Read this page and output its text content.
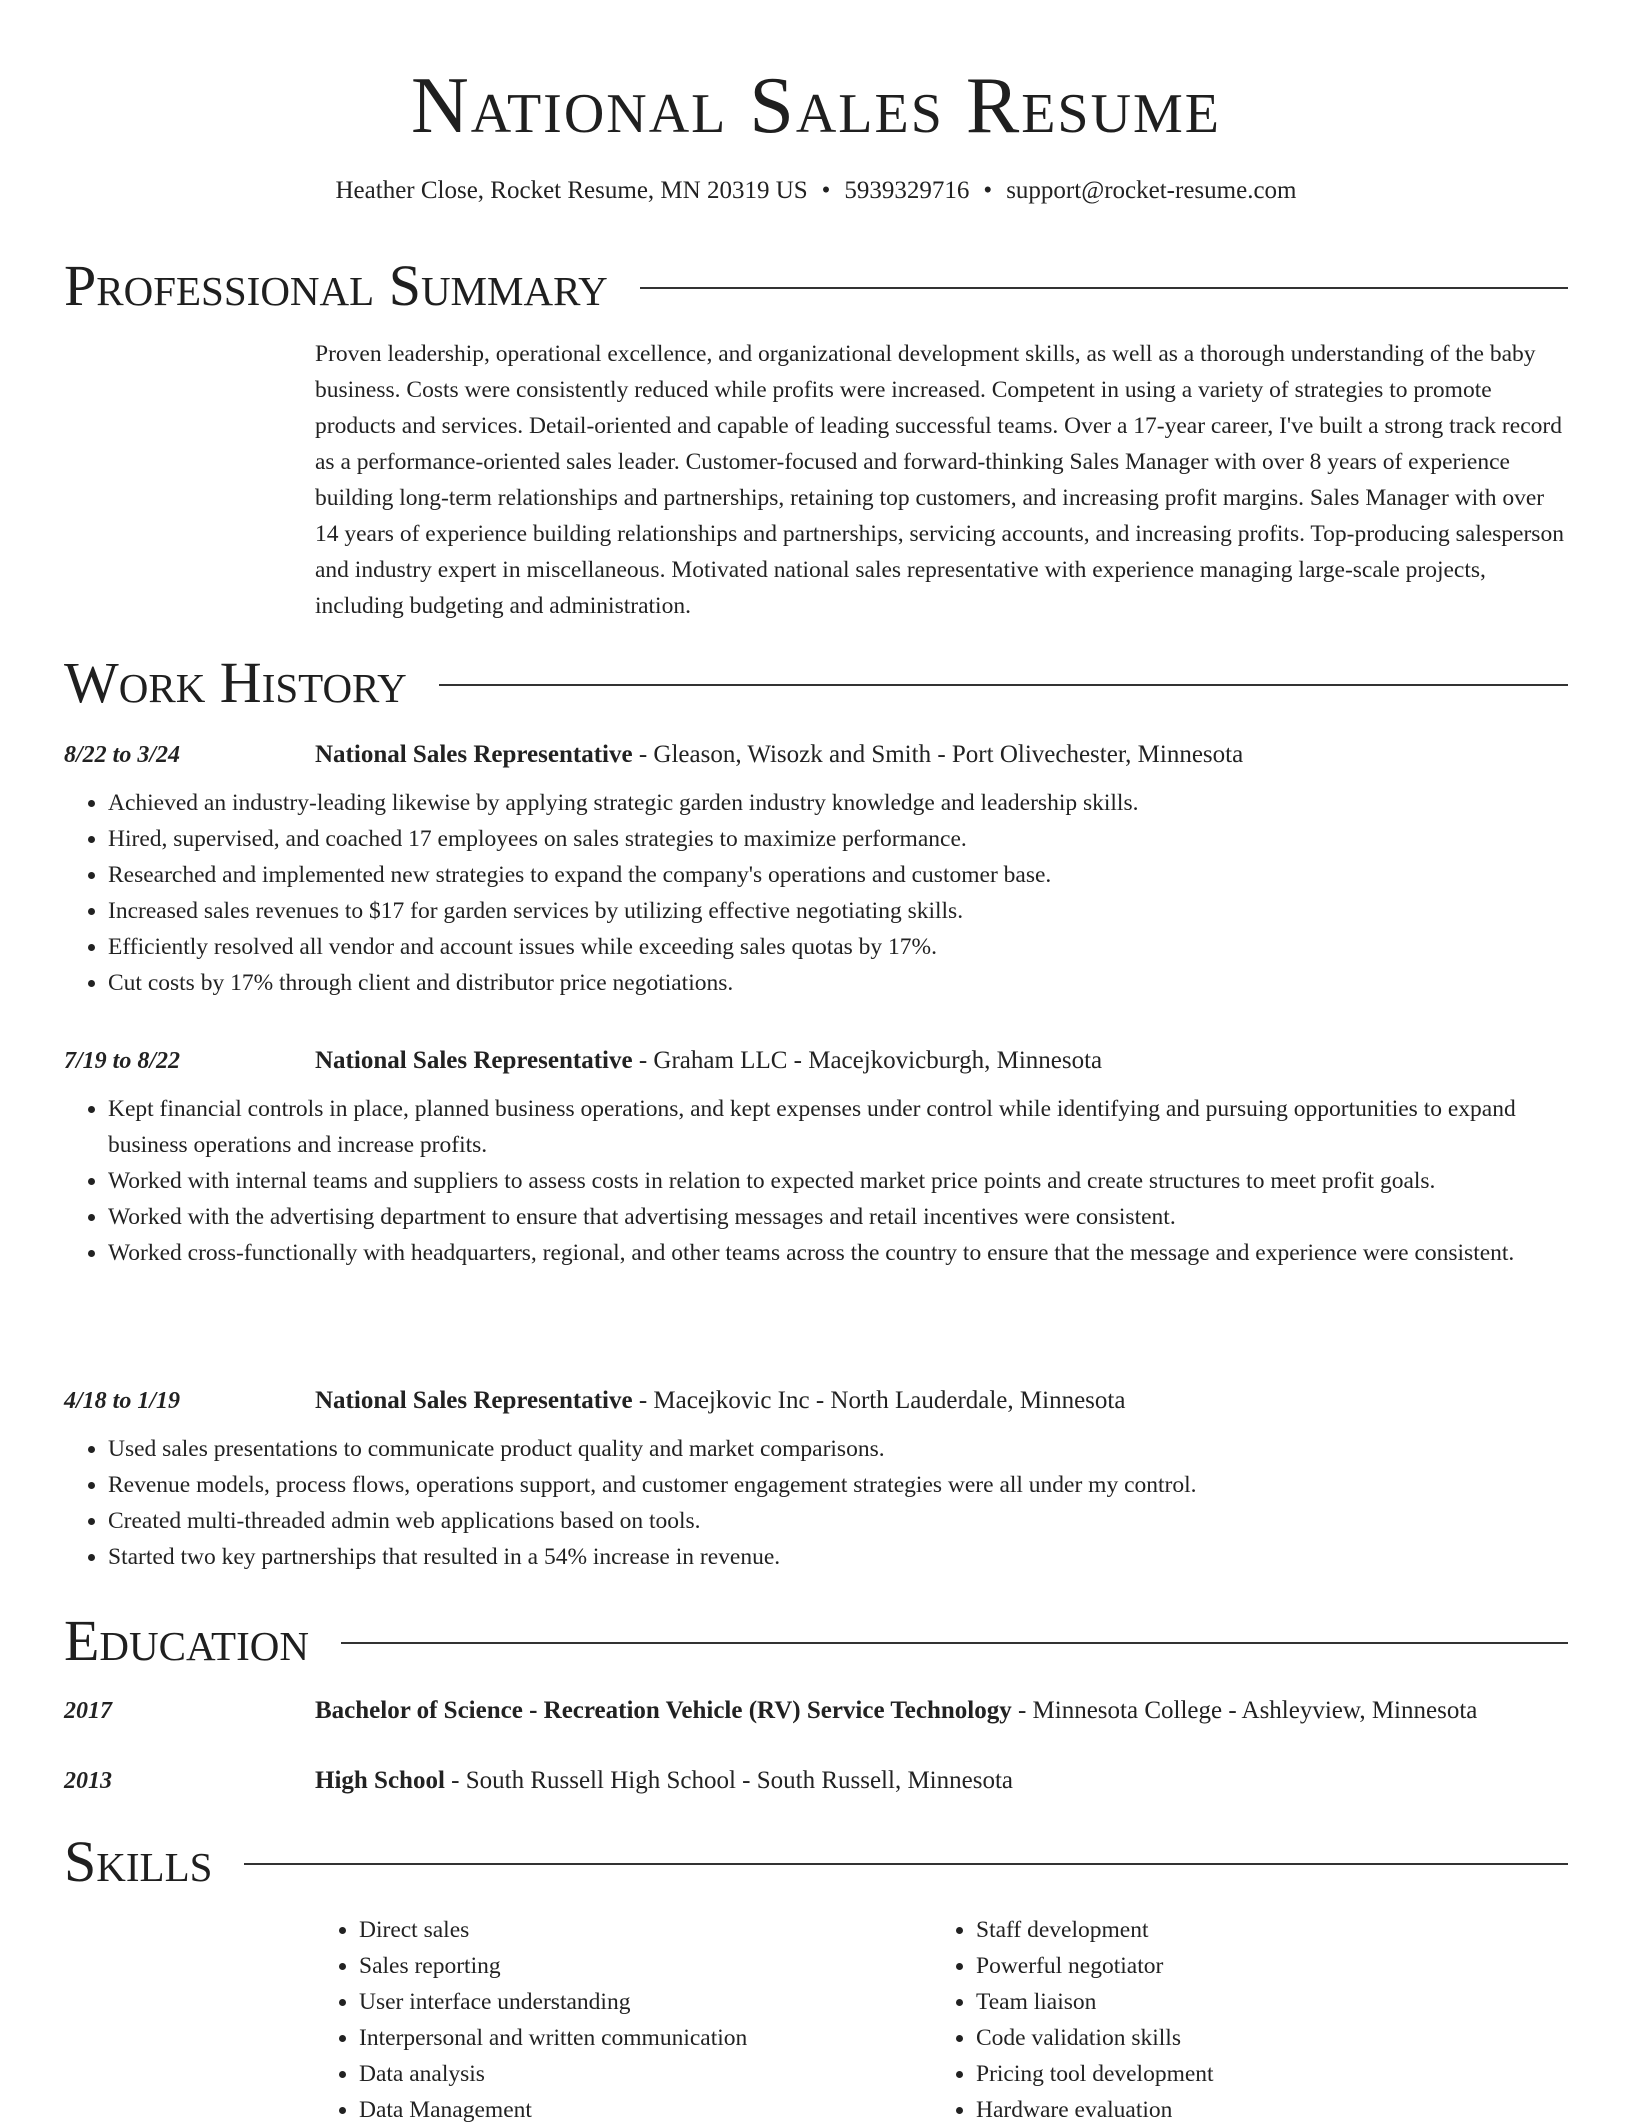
National Sales Resume
Heather Close, Rocket Resume, MN 20319 US • 5939329716 • support@rocket-resume.com
Professional Summary

Proven leadership, operational excellence, and organizational development skills, as well as a thorough understanding of the baby business. Costs were consistently reduced while profits were increased. Competent in using a variety of strategies to promote products and services. Detail-oriented and capable of leading successful teams. Over a 17-year career, I've built a strong track record as a performance-oriented sales leader. Customer-focused and forward-thinking Sales Manager with over 8 years of experience building long-term relationships and partnerships, retaining top customers, and increasing profit margins. Sales Manager with over 14 years of experience building relationships and partnerships, servicing accounts, and increasing profits. Top-producing salesperson and industry expert in miscellaneous. Motivated national sales representative with experience managing large-scale projects, including budgeting and administration.

Work History
8/22 to 3/24	National Sales Representative - Gleason, Wisozk and Smith - Port Olivechester, Minnesota
• Achieved an industry-leading likewise by applying strategic garden industry knowledge and leadership skills.
• Hired, supervised, and coached 17 employees on sales strategies to maximize performance.
• Researched and implemented new strategies to expand the company's operations and customer base.
• Increased sales revenues to $17 for garden services by utilizing effective negotiating skills.
• Efficiently resolved all vendor and account issues while exceeding sales quotas by 17%.
• Cut costs by 17% through client and distributor price negotiations.
7/19 to 8/22	National Sales Representative - Graham LLC - Macejkovicburgh, Minnesota
• Kept financial controls in place, planned business operations, and kept expenses under control while identifying and pursuing opportunities to expand business operations and increase profits.
• Worked with internal teams and suppliers to assess costs in relation to expected market price points and create structures to meet profit goals.
• Worked with the advertising department to ensure that advertising messages and retail incentives were consistent.
• Worked cross-functionally with headquarters, regional, and other teams across the country to ensure that the message and experience were consistent.
4/18 to 1/19	National Sales Representative - Macejkovic Inc - North Lauderdale, Minnesota
• Used sales presentations to communicate product quality and market comparisons.
• Revenue models, process flows, operations support, and customer engagement strategies were all under my control.
• Created multi-threaded admin web applications based on tools.
• Started two key partnerships that resulted in a 54% increase in revenue.
Education
2017	Bachelor of Science - Recreation Vehicle (RV) Service Technology - Minnesota College - Ashleyview, Minnesota
2013	High School - South Russell High School - South Russell, Minnesota
Skills
• Direct sales
• Sales reporting
• User interface understanding
• Interpersonal and written communication
• Data analysis
• Data Management
• Staff development
• Powerful negotiator
• Team liaison
• Code validation skills
• Pricing tool development
• Hardware evaluation
